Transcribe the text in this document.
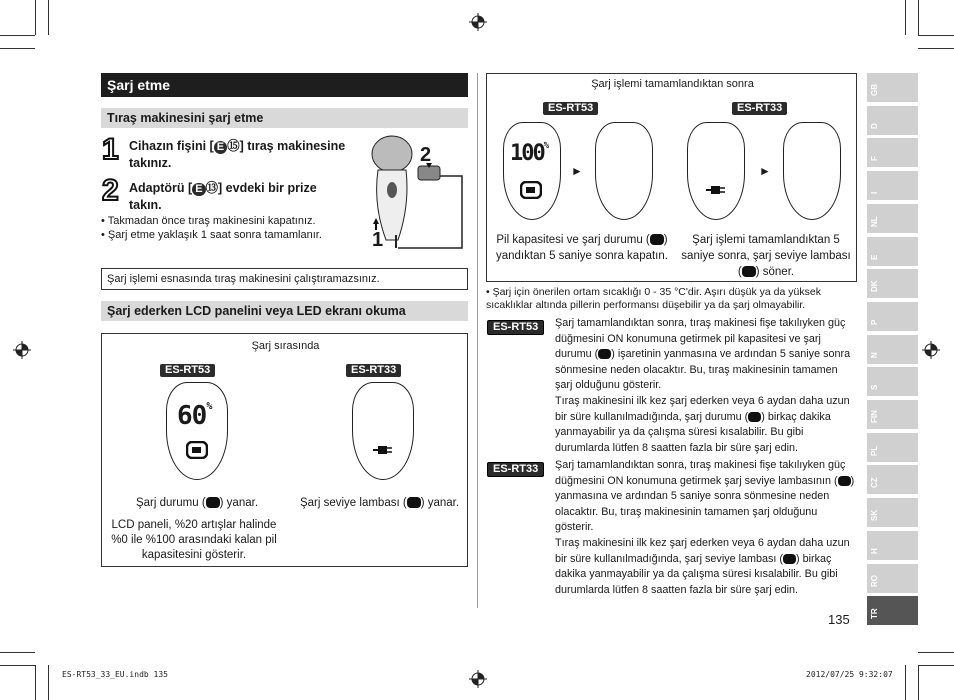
Şarj etme
Tıraş makinesini şarj etme
1 Cihazın fişini [ E ⑮] tıraş makinesine takınız.
2 Adaptörü [ E ⑬] evdeki bir prize takın.
• Takmadan önce tıraş makinesini kapatınız.
• Şarj etme yaklaşık 1 saat sonra tamamlanır.
2
1
Şarj işlemi esnasında tıraş makinesini çalıştıramazsınız.
Şarj ederken LCD panelini veya LED ekranı okuma
Şarj sırasında
ES-RT53	ES-RT33
60%
Şarj durumu ( ) yanar.	Şarj seviye lambası ( ) yanar.
LCD paneli, %20 artışlar halinde %0 ile %100 arasındaki kalan pil kapasitesini gösterir.
Şarj işlemi tamamlandıktan sonra
ES-RT53	ES-RT33
100%
►	►
Pil kapasitesi ve şarj durumu ( ) yandıktan 5 saniye sonra kapatın.
Şarj işlemi tamamlandıktan 5 saniye sonra, şarj seviye lambası ( ) söner.
• Şarj için önerilen ortam sıcaklığı 0 - 35 °C'dir. Aşırı düşük ya da yüksek sıcaklıklar altında pillerin performansı düşebilir ya da şarj olmayabilir.
ES-RT53	Şarj tamamlandıktan sonra, tıraş makinesi fişe takılıyken güç düğmesini ON konumuna getirmek pil kapasitesi ve şarj durumu ( ) işaretinin yanmasına ve ardından 5 saniye sonra sönmesine neden olacaktır. Bu, tıraş makinesinin tamamen şarj olduğunu gösterir.
Tıraş makinesini ilk kez şarj ederken veya 6 aydan daha uzun bir süre kullanılmadığında, şarj durumu ( ) birkaç dakika yanmayabilir ya da çalışma süresi kısalabilir. Bu gibi durumlarda lütfen 8 saatten fazla bir süre şarj edin.
ES-RT33	Şarj tamamlandıktan sonra, tıraş makinesi fişe takılıyken güç düğmesini ON konumuna getirmek şarj seviye lambasının ( ) yanmasına ve ardından 5 saniye sonra sönmesine neden olacaktır. Bu, tıraş makinesinin tamamen şarj olduğunu gösterir.
Tıraş makinesini ilk kez şarj ederken veya 6 aydan daha uzun bir süre kullanılmadığında, şarj seviye lambası ( ) birkaç dakika yanmayabilir ya da çalışma süresi kısalabilir. Bu gibi durumlarda lütfen 8 saatten fazla bir süre şarj edin.
135
GB
D
F
I
NL
E
DK
P
N
S
FIN
PL
CZ
SK
H
RO
TR
ES-RT53_33_EU.indb 135	2012/07/25 9:32:07
